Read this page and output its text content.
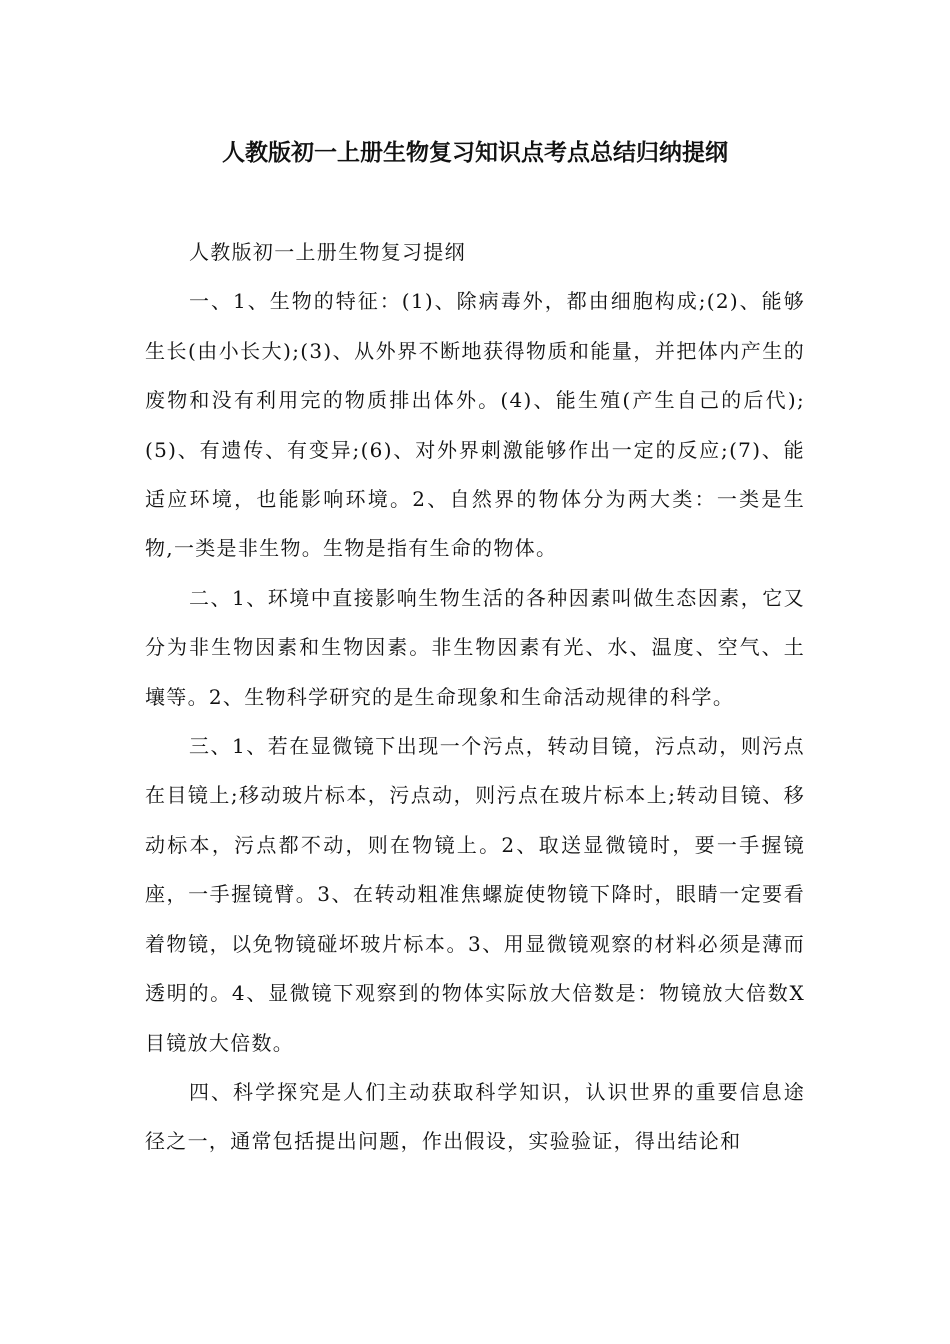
人教版初一上册生物复习知识点考点总结归纳提纲

人教版初一上册生物复习提纲

一、1、生物的特征：(1)、除病毒外，都由细胞构成;(2)、能够生长(由小长大);(3)、从外界不断地获得物质和能量，并把体内产生的废物和没有利用完的物质排出体外。(4)、能生殖(产生自己的后代);(5)、有遗传、有变异;(6)、对外界刺激能够作出一定的反应;(7)、能适应环境，也能影响环境。2、自然界的物体分为两大类：一类是生物,一类是非生物。生物是指有生命的物体。

二、1、环境中直接影响生物生活的各种因素叫做生态因素，它又分为非生物因素和生物因素。非生物因素有光、水、温度、空气、土壤等。2、生物科学研究的是生命现象和生命活动规律的科学。

三、1、若在显微镜下出现一个污点，转动目镜，污点动，则污点在目镜上;移动玻片标本，污点动，则污点在玻片标本上;转动目镜、移动标本，污点都不动，则在物镜上。2、取送显微镜时，要一手握镜座，一手握镜臂。3、在转动粗准焦螺旋使物镜下降时，眼睛一定要看着物镜，以免物镜碰坏玻片标本。3、用显微镜观察的材料必须是薄而透明的。4、显微镜下观察到的物体实际放大倍数是：物镜放大倍数X目镜放大倍数。

四、科学探究是人们主动获取科学知识，认识世界的重要信息途径之一，通常包括提出问题，作出假设，实验验证，得出结论和
